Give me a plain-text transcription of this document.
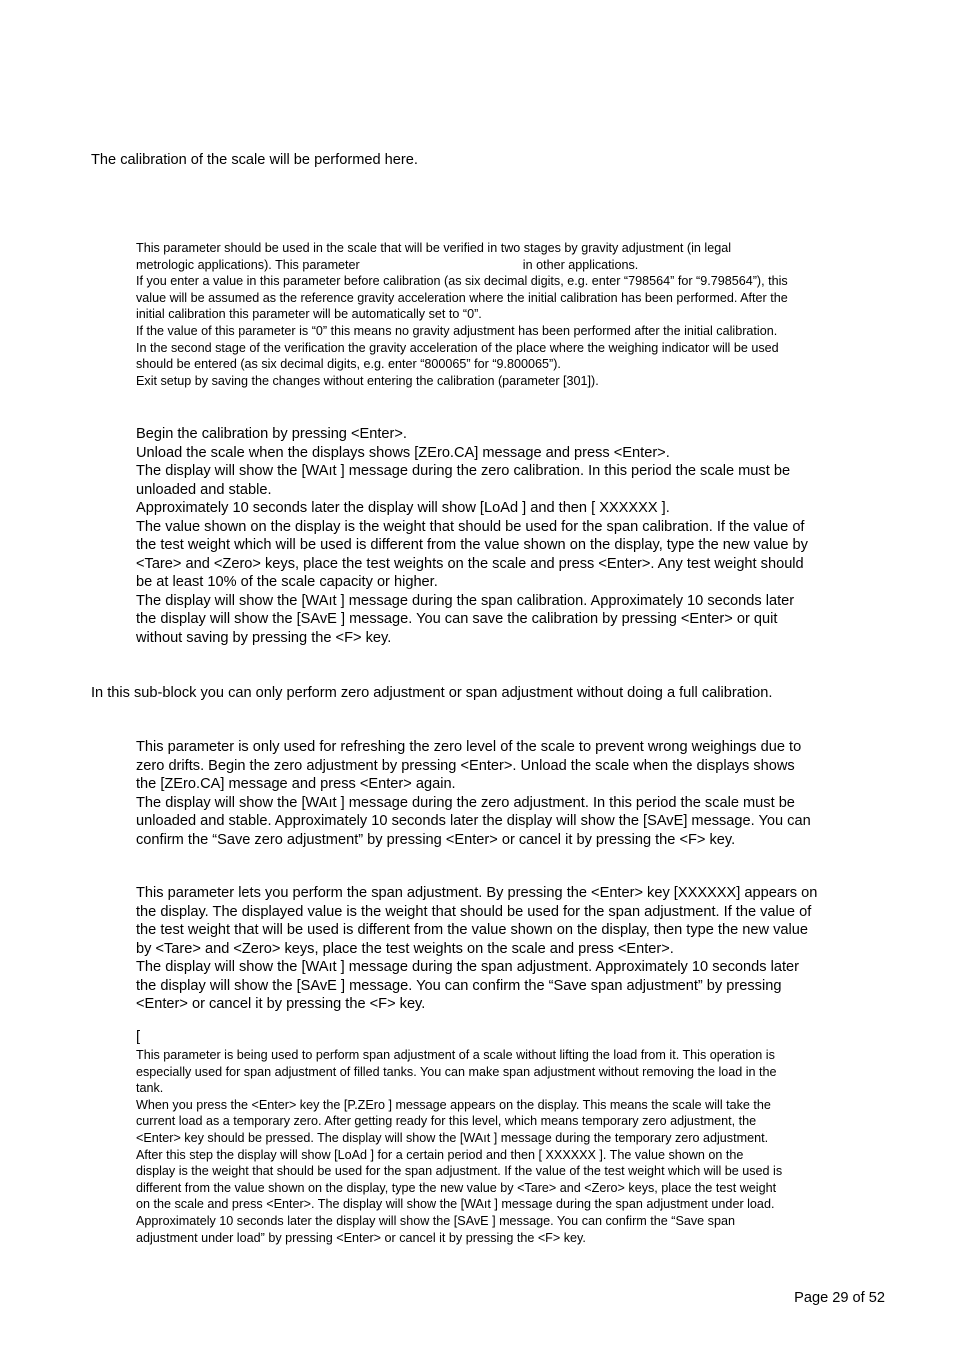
The calibration of the scale will be performed here.

This parameter should be used in the scale that will be verified in two stages by gravity adjustment (in legal
metrologic applications). This parameter	in other applications.
If you enter a value in this parameter before calibration (as six decimal digits, e.g. enter “798564” for “9.798564”), this
value will be assumed as the reference gravity acceleration where the initial calibration has been performed. After the
initial calibration this parameter will be automatically set to “0”.
If the value of this parameter is “0” this means no gravity adjustment has been performed after the initial calibration.
In the second stage of the verification the gravity acceleration of the place where the weighing indicator will be used
should be entered (as six decimal digits, e.g. enter “800065” for “9.800065”).
Exit setup by saving the changes without entering the calibration (parameter [301]).
Begin the calibration by pressing <Enter>.
Unload the scale when the displays shows [ZEro.CA] message and press <Enter>.
The display will show the [WAıt ] message during the zero calibration. In this period the scale must be
unloaded and stable.
Approximately 10 seconds later the display will show [LoAd ] and then [ XXXXXX ].
The value shown on the display is the weight that should be used for the span calibration. If the value of
the test weight which will be used is different from the value shown on the display, type the new value by
<Tare> and <Zero> keys, place the test weights on the scale and press <Enter>. Any test weight should
be at least 10% of the scale capacity or higher.
The display will show the [WAıt ] message during the span calibration. Approximately 10 seconds later
the display will show the [SAvE ] message. You can save the calibration by pressing <Enter> or quit
without saving by pressing the <F> key.

In this sub-block you can only perform zero adjustment or span adjustment without doing a full calibration.

This parameter is only used for refreshing the zero level of the scale to prevent wrong weighings due to
zero drifts. Begin the zero adjustment by pressing <Enter>. Unload the scale when the displays shows
the [ZEro.CA] message and press <Enter> again.
The display will show the [WAıt ] message during the zero adjustment. In this period the scale must be
unloaded and stable. Approximately 10 seconds later the display will show the [SAvE] message. You can
confirm the “Save zero adjustment” by pressing <Enter> or cancel it by pressing the <F> key.
This parameter lets you perform the span adjustment. By pressing the <Enter> key [XXXXXX] appears on
the display. The displayed value is the weight that should be used for the span adjustment. If the value of
the test weight that will be used is different from the value shown on the display, then type the new value
by <Tare> and <Zero> keys, place the test weights on the scale and press <Enter>.
The display will show the [WAıt ] message during the span adjustment. Approximately 10 seconds later
the display will show the [SAvE ] message. You can confirm the “Save span adjustment” by pressing
<Enter> or cancel it by pressing the <F> key.

[

This parameter is being used to perform span adjustment of a scale without lifting the load from it. This operation is
especially used for span adjustment of filled tanks. You can make span adjustment without removing the load in the
tank.
When you press the <Enter> key the [P.ZEro ] message appears on the display. This means the scale will take the
current load as a temporary zero. After getting ready for this level, which means temporary zero adjustment, the
<Enter> key should be pressed. The display will show the [WAıt ] message during the temporary zero adjustment.
After this step the display will show [LoAd ] for a certain period and then [ XXXXXX ]. The value shown on the
display is the weight that should be used for the span adjustment. If the value of the test weight which will be used is
different from the value shown on the display, type the new value by <Tare> and <Zero> keys, place the test weight
on the scale and press <Enter>. The display will show the [WAıt ] message during the span adjustment under load.
Approximately 10 seconds later the display will show the [SAvE ] message. You can confirm the “Save span
adjustment under load” by pressing <Enter> or cancel it by pressing the <F> key.
Page 29 of 52
